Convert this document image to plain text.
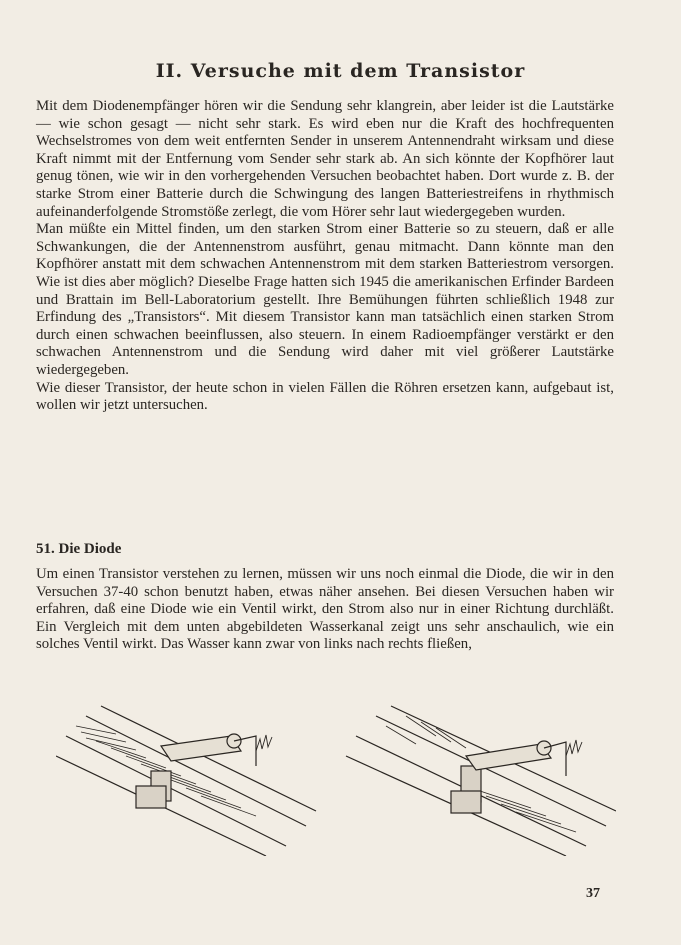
II. Versuche mit dem Transistor

Mit dem Diodenempfänger hören wir die Sendung sehr klangrein, aber leider ist die Lautstärke — wie schon gesagt — nicht sehr stark. Es wird eben nur die Kraft des hochfrequenten Wechselstromes von dem weit entfernten Sender in unserem Antennendraht wirksam und diese Kraft nimmt mit der Entfernung vom Sender sehr stark ab. An sich könnte der Kopfhörer laut genug tönen, wie wir in den vorhergehenden Versuchen beobachtet haben. Dort wurde z. B. der starke Strom einer Batterie durch die Schwingung des langen Batteriestreifens in rhythmisch aufeinanderfolgende Stromstöße zerlegt, die vom Hörer sehr laut wiedergegeben wurden.

Man müßte ein Mittel finden, um den starken Strom einer Batterie so zu steuern, daß er alle Schwankungen, die der Antennenstrom ausführt, genau mitmacht. Dann könnte man den Kopfhörer anstatt mit dem schwachen Antennenstrom mit dem starken Batteriestrom versorgen. Wie ist dies aber möglich? Dieselbe Frage hatten sich 1945 die amerikanischen Erfinder Bardeen und Brattain im Bell-Laboratorium gestellt. Ihre Bemühungen führten schließlich 1948 zur Erfindung des „Transistors“. Mit diesem Transistor kann man tatsächlich einen starken Strom durch einen schwachen beeinflussen, also steuern. In einem Radioempfänger verstärkt er den schwachen Antennenstrom und die Sendung wird daher mit viel größerer Lautstärke wiedergegeben.

Wie dieser Transistor, der heute schon in vielen Fällen die Röhren ersetzen kann, aufgebaut ist, wollen wir jetzt untersuchen.

51. Die Diode

Um einen Transistor verstehen zu lernen, müssen wir uns noch einmal die Diode, die wir in den Versuchen 37-40 schon benutzt haben, etwas näher ansehen. Bei diesen Versuchen haben wir erfahren, daß eine Diode wie ein Ventil wirkt, den Strom also nur in einer Richtung durchläßt. Ein Vergleich mit dem unten abgebildeten Wasserkanal zeigt uns sehr anschaulich, wie ein solches Ventil wirkt. Das Wasser kann zwar von links nach rechts fließen,

37
